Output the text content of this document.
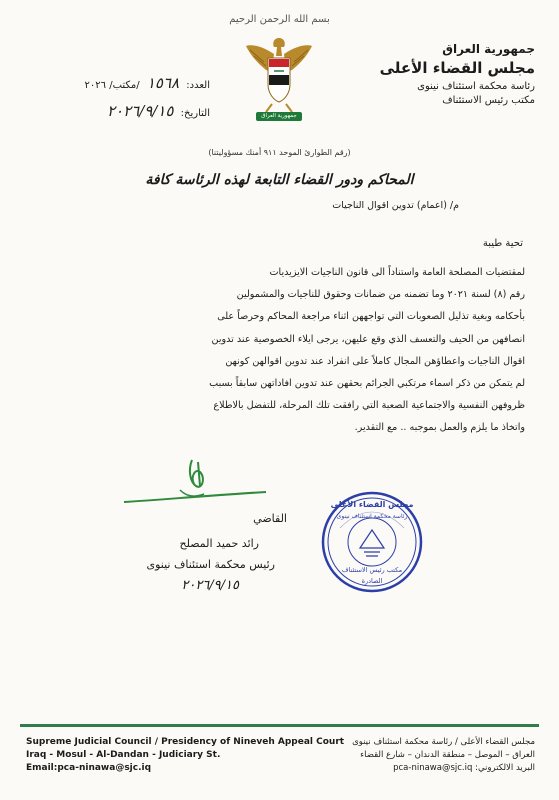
بسم الله الرحمن الرحيم
جمهورية العراق
مجلس القضاء الأعلى
رئاسة محكمة استئناف نينوى
مكتب رئيس الاستئناف
جمهورية العراق
العدد: ١٥٦٨ /مكتب/ ٢٠٢٦
التاريخ: ٢٠٢٦/٩/١٥
(رقم الطوارئ الموحد ٩١١ أمنك مسؤوليتنا)
المحاكم ودور القضاء التابعة لهذه الرئاسة كافة
م/ (اعمام) تدوين اقوال الناجيات
تحية طيبة

لمقتضيات المصلحة العامة واستناداً الى قانون الناجيات الايزيديات

رقم (٨) لسنة ٢٠٢١ وما تضمنه من ضمانات وحقوق للناجيات والمشمولين

بأحكامه وبغية تذليل الصعوبات التي تواجههن اثناء مراجعة المحاكم وحرصاً على

انصافهن من الحيف والتعسف الذي وقع عليهن، يرجى ايلاء الخصوصية عند تدوين

اقوال الناجيات واعطاؤهن المجال كاملاً على انفراد عند تدوين اقوالهن كونهن

لم يتمكن من ذكر اسماء مرتكبي الجرائم بحقهن عند تدوين افاداتهن سابقاً بسبب

ظروفهن النفسية والاجتماعية الصعبة التي رافقت تلك المرحلة، للتفضل بالاطلاع

واتخاذ ما يلزم والعمل بموجبه .. مع التقدير.

القاضي
رائد حميد المصلح
رئيس محكمة استئناف نينوى
٢٠٢٦/٩/١٥
مجلس القضاء الأعلى
رئاسة محكمة استئناف نينوى
مكتب رئيس الاستئناف
الصادرة
Supreme Judicial Council / Presidency of Nineveh Appeal Court
Iraq - Mosul - Al-Dandan - Judiciary St.
Email:pca-ninawa@sjc.iq
مجلس القضاء الأعلى / رئاسة محكمة استئناف نينوى
العراق – الموصل – منطقة الدندان – شارع القضاء
البريد الالكتروني: pca-ninawa@sjc.iq
